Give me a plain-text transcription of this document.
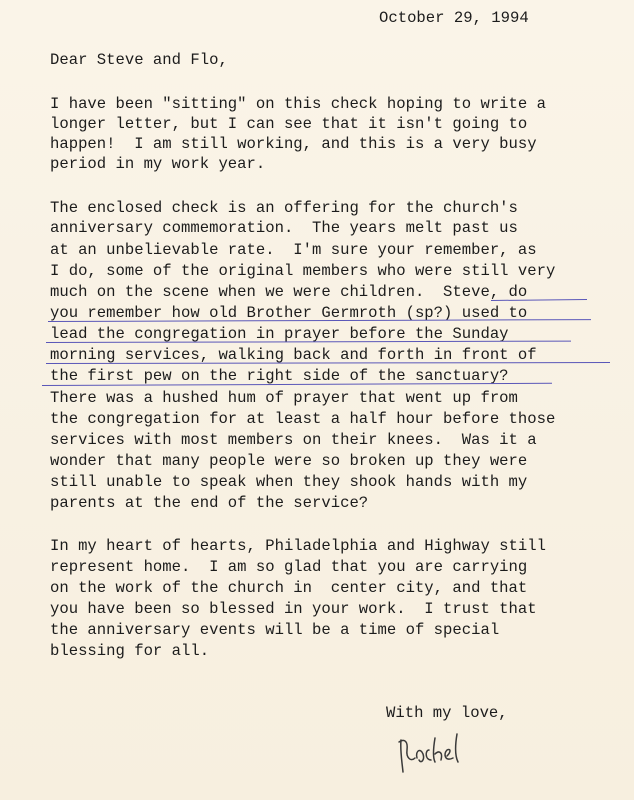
October 29, 1994
Dear Steve and Flo,
I have been "sitting" on this check hoping to write a
longer letter, but I can see that it isn't going to
happen!  I am still working, and this is a very busy
period in my work year.
The enclosed check is an offering for the church's
anniversary commemoration.  The years melt past us
at an unbelievable rate.  I'm sure your remember, as
I do, some of the original members who were still very
much on the scene when we were children.  Steve, do
you remember how old Brother Germroth (sp?) used to
lead the congregation in prayer before the Sunday
morning services, walking back and forth in front of
the first pew on the right side of the sanctuary?
There was a hushed hum of prayer that went up from
the congregation for at least a half hour before those
services with most members on their knees.  Was it a
wonder that many people were so broken up they were
still unable to speak when they shook hands with my
parents at the end of the service?
In my heart of hearts, Philadelphia and Highway still
represent home.  I am so glad that you are carrying
on the work of the church in  center city, and that
you have been so blessed in your work.  I trust that
the anniversary events will be a time of special
blessing for all.
With my love,
